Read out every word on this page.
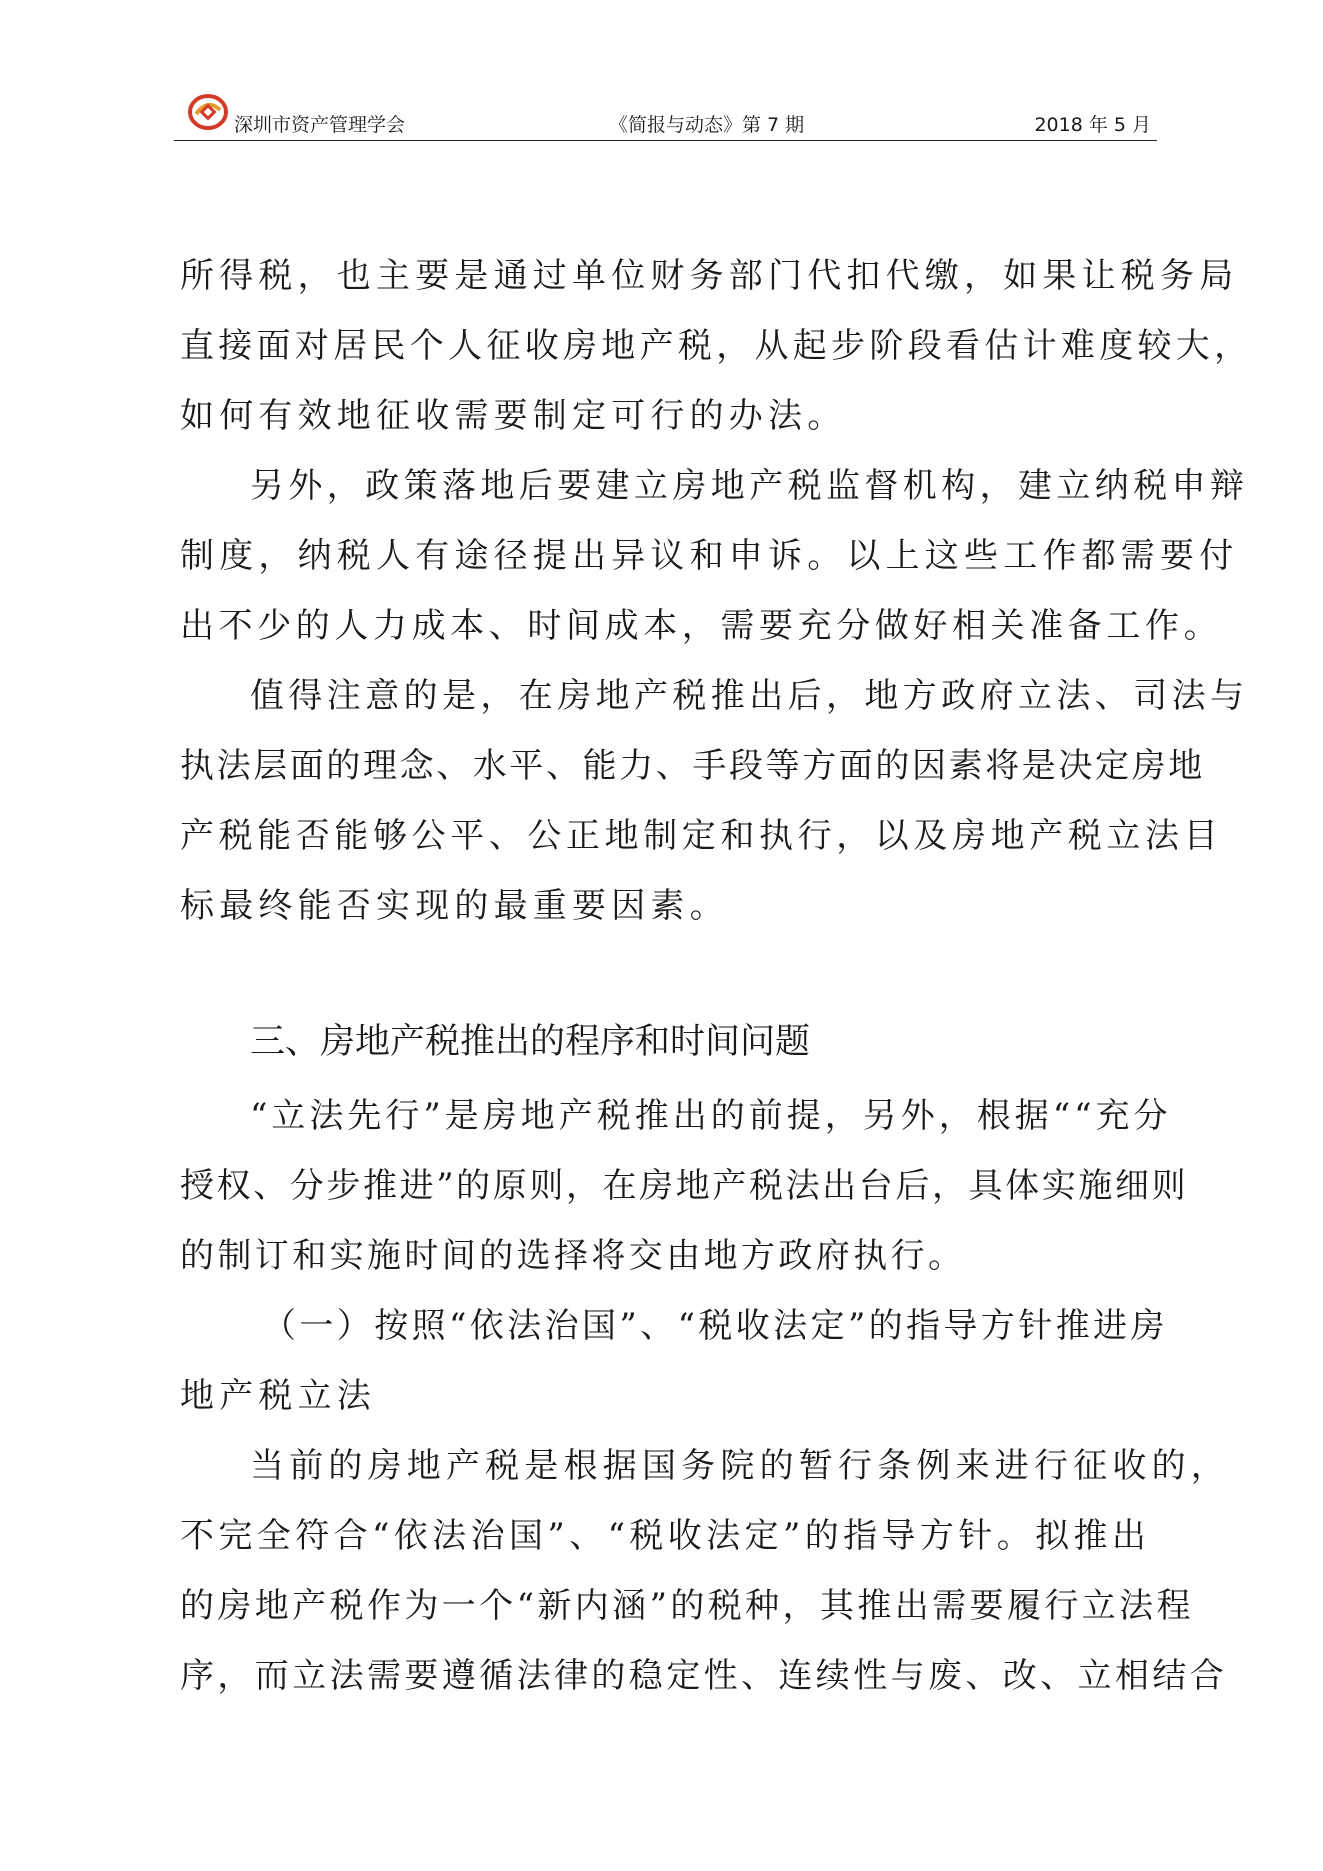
深圳市资产管理学会	《简报与动态》第 7 期	2018 年 5 月
所得税，也主要是通过单位财务部门代扣代缴，如果让税务局
直接面对居民个人征收房地产税，从起步阶段看估计难度较大，
如何有效地征收需要制定可行的办法。
另外，政策落地后要建立房地产税监督机构，建立纳税申辩
制度，纳税人有途径提出异议和申诉。以上这些工作都需要付
出不少的人力成本、时间成本，需要充分做好相关准备工作。
值得注意的是，在房地产税推出后，地方政府立法、司法与
执法层面的理念、水平、能力、手段等方面的因素将是决定房地
产税能否能够公平、公正地制定和执行，以及房地产税立法目
标最终能否实现的最重要因素。
三、房地产税推出的程序和时间问题
“立法先行”是房地产税推出的前提，另外，根据““充分
授权、分步推进”的原则，在房地产税法出台后，具体实施细则
的制订和实施时间的选择将交由地方政府执行。
（一）按照“依法治国”、“税收法定”的指导方针推进房
地产税立法
当前的房地产税是根据国务院的暂行条例来进行征收的，
不完全符合“依法治国”、“税收法定”的指导方针。拟推出
的房地产税作为一个“新内涵”的税种，其推出需要履行立法程
序，而立法需要遵循法律的稳定性、连续性与废、改、立相结合
